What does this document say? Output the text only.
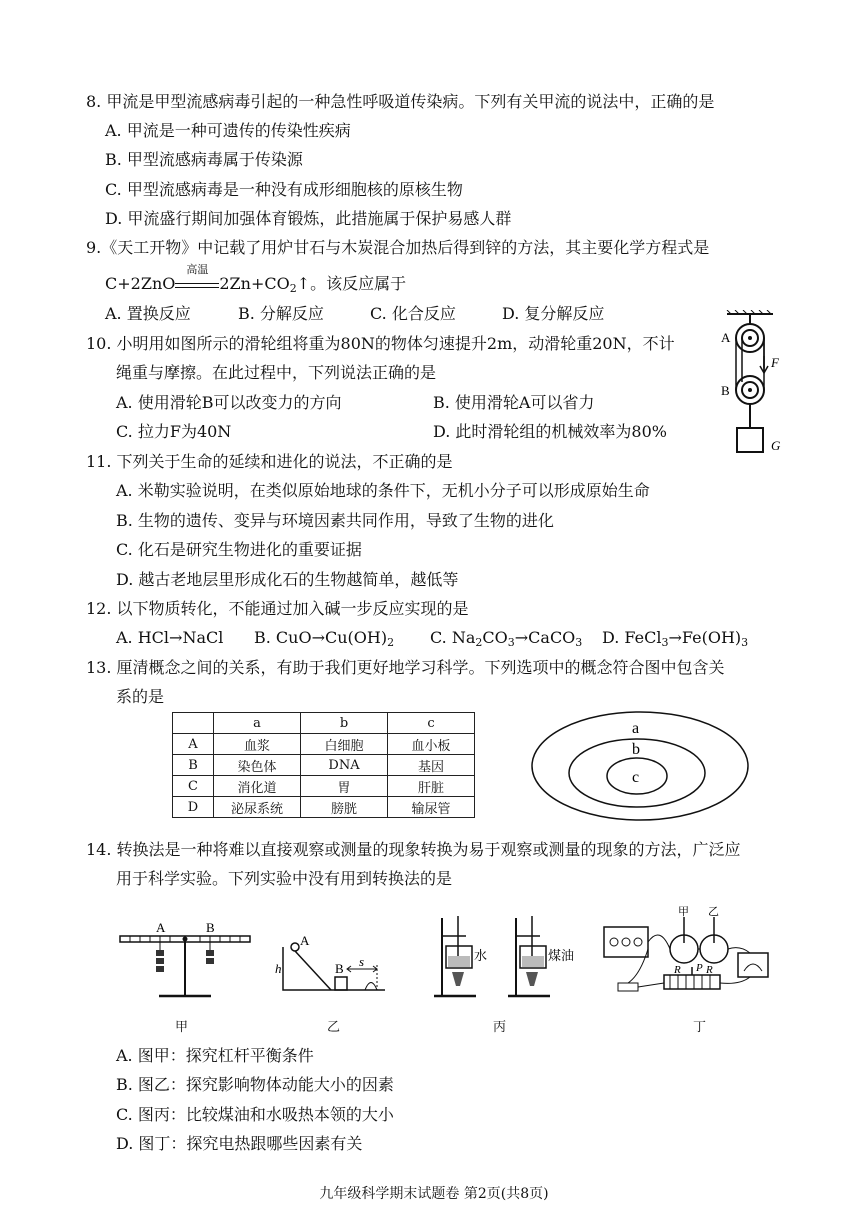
8. 甲流是甲型流感病毒引起的一种急性呼吸道传染病。下列有关甲流的说法中，正确的是
A. 甲流是一种可遗传的传染性疾病
B. 甲型流感病毒属于传染源
C. 甲型流感病毒是一种没有成形细胞核的原核生物
D. 甲流盛行期间加强体育锻炼，此措施属于保护易感人群
9.《天工开物》中记载了用炉甘石与木炭混合加热后得到锌的方法，其主要化学方程式是
C+2ZnO
高温
$2Zn+CO_2↑$。该反应属于
A. 置换反应	B. 分解反应	C. 化合反应	D. 复分解反应
10. 小明用如图所示的滑轮组将重为80N的物体匀速提升2m，动滑轮重20N，不计
绳重与摩擦。在此过程中，下列说法正确的是
A. 使用滑轮B可以改变力的方向	B. 使用滑轮A可以省力
C. 拉力F为40N	D. 此时滑轮组的机械效率为80%
A
B
F
G
11. 下列关于生命的延续和进化的说法，不正确的是
A. 米勒实验说明，在类似原始地球的条件下，无机小分子可以形成原始生命
B. 生物的遗传、变异与环境因素共同作用，导致了生物的进化
C. 化石是研究生物进化的重要证据
D. 越古老地层里形成化石的生物越简单，越低等
12. 以下物质转化，不能通过加入碱一步反应实现的是
A. HCl→NaCl B. $CuO\to Cu(OH)_2$ C. $Na_2CO_3\to CaCO_3$ D. $FeCl_3\to Fe(OH)_3$
13. 厘清概念之间的关系，有助于我们更好地学习科学。下列选项中的概念符合图中包含关
系的是
	a	b	c
A	血浆	白细胞	血小板
B	染色体	DNA	基因
C	消化道	胃	肝脏
D	泌尿系统	膀胱	输尿管
a
b
c
14. 转换法是一种将难以直接观察或测量的现象转换为易于观察或测量的现象的方法，广泛应
用于科学实验。下列实验中没有用到转换法的是
A	B
甲
A
B
h	s
乙
水	煤油
丙
甲 乙
R R
P
丁
A. 图甲：探究杠杆平衡条件
B. 图乙：探究影响物体动能大小的因素
C. 图丙：比较煤油和水吸热本领的大小
D. 图丁：探究电热跟哪些因素有关
九年级科学期末试题卷 第2页(共8页)
